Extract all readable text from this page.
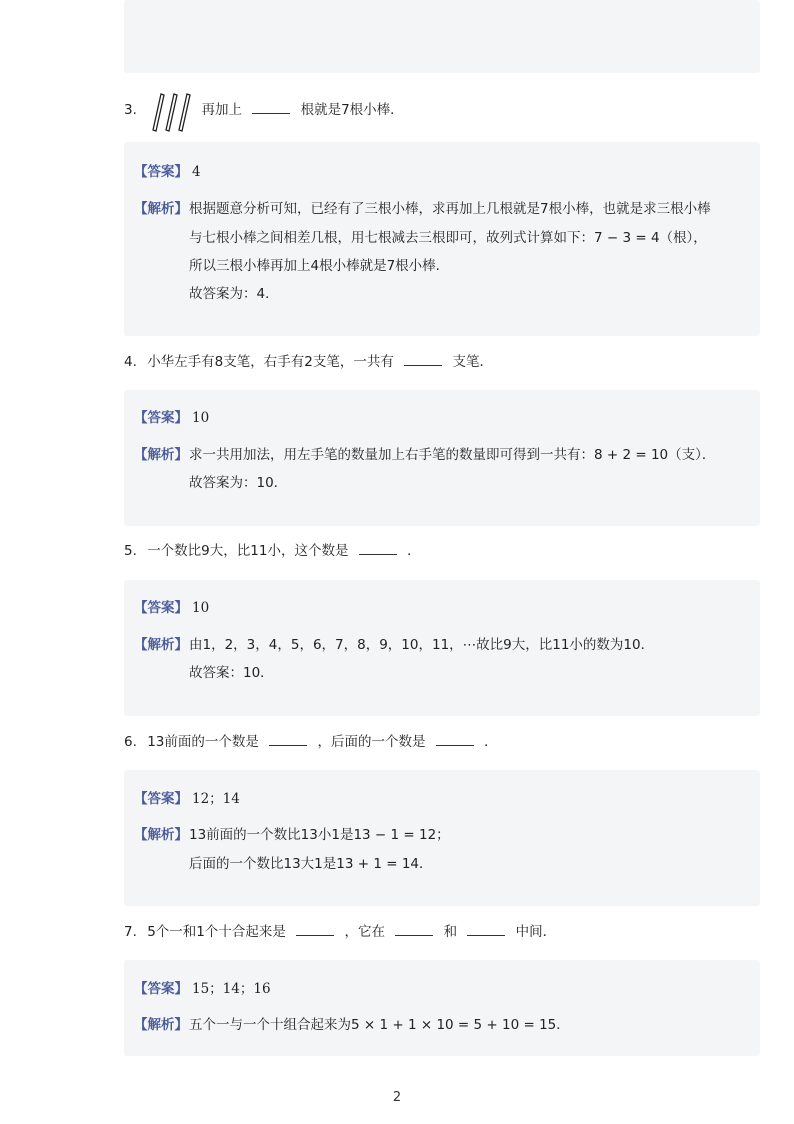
3.	再加上	根就是7根小棒．
【答案】 4
【解析】 根据题意分析可知，已经有了三根小棒，求再加上几根就是7根小棒，也就是求三根小棒
与七根小棒之间相差几根，用七根减去三根即可，故列式计算如下：7 − 3 = 4（根），
所以三根小棒再加上4根小棒就是7根小棒．
故答案为：4．
4. 小华左手有8支笔，右手有2支笔，一共有	支笔．
【答案】 10
【解析】 求一共用加法，用左手笔的数量加上右手笔的数量即可得到一共有：8 + 2 = 10（支）．
故答案为：10．
5. 一个数比9大，比11小，这个数是	．
【答案】 10
【解析】 由1，2，3，4，5，6，7，8，9，10，11，⋯故比9大，比11小的数为10．
故答案：10．
6. 13前面的一个数是	，后面的一个数是	．
【答案】 12；14
【解析】 13前面的一个数比13小1是13 − 1 = 12；
后面的一个数比13大1是13 + 1 = 14．
7. 5个一和1个十合起来是	，它在	和	中间．
【答案】 15；14；16
【解析】 五个一与一个十组合起来为5 × 1 + 1 × 10 = 5 + 10 = 15．
2
